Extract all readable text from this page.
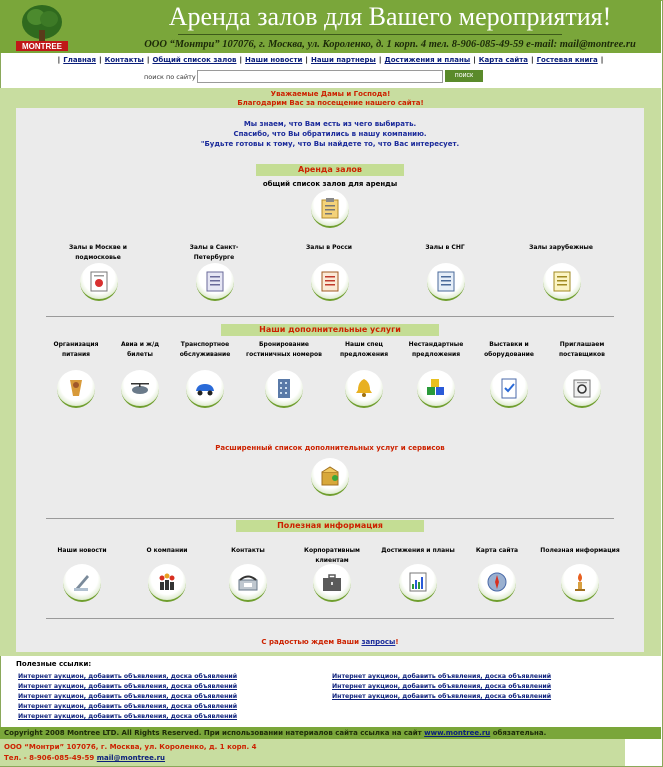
MONTREE
Аренда залов для Вашего мероприятия!
ООО “Монтри” 107076, г. Москва, ул. Короленко, д. 1 корп. 4 тел. 8-906-085-49-59 e-mail: mail@montree.ru
| Главная | Контакты | Общий список залов | Наши новости | Наши партнеры | Достижения и планы | Карта сайта | Гостевая книга |
поиск по сайту	поиск
Уважаемые Дамы и Господа!
Благодарим Вас за посещение нашего сайта!
Мы знаем, что Вам есть из чего выбирать.
Спасибо, что Вы обратились в нашу компанию.
"Будьте готовы к тому, что Вы найдете то, что Вас интересует.
Аренда залов
общий список залов для аренды
Залы в Москве и подмосковье
Залы в Санкт-Петербурге
Залы в Росси	Залы в СНГ	Залы зарубежные
Наши дополнительные услуги
Организация
питания
Авиа и ж/д
билеты
Транспортное
обслуживание
Бронирование
гостиничных номеров
Наши спец
предложения
Нестандартные
предложения
Выставки и
оборудование
Приглашаем
поставщиков
Расширенный список дополнительных услуг и сервисов
Полезная информация
Наши новости	О компании	Контакты	Корпоративным
клиентам
Достижения и планы	Карта сайта	Полезная информация
С радостью ждем Ваши запросы!
Полезные ссылки:
Интернет аукцион, добавить объявления, доска объявлений
Интернет аукцион, добавить объявления, доска объявлений
Интернет аукцион, добавить объявления, доска объявлений
Интернет аукцион, добавить объявления, доска объявлений
Интернет аукцион, добавить объявления, доска объявлений
Интернет аукцион, добавить объявления, доска объявлений
Интернет аукцион, добавить объявления, доска объявлений
Интернет аукцион, добавить объявления, доска объявлений
Copyright 2008 Montree LTD. All Rights Reserved. При использовании натериалов сайта ссылка на сайт www.montree.ru обязательна.
ООО “Монтри” 107076, г. Москва, ул. Короленко, д. 1 корп. 4
Тел. - 8-906-085-49-59 mail@montree.ru
